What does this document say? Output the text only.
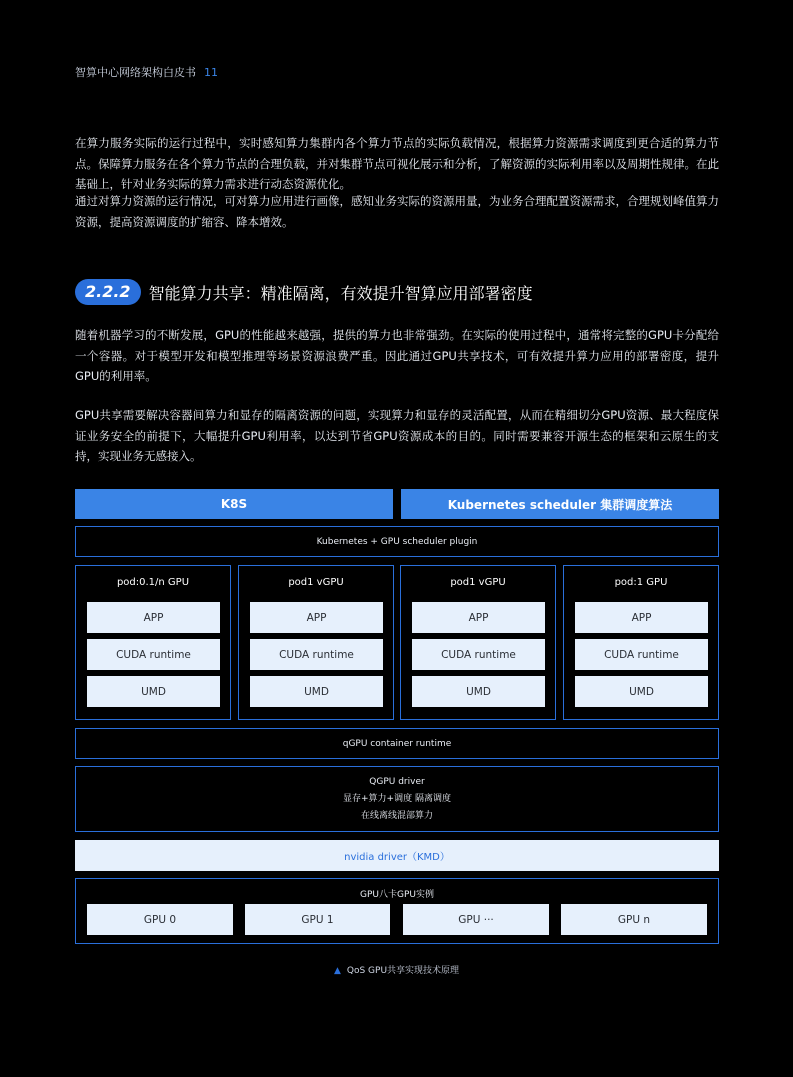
智算中心网络架构白皮书 11
在算力服务实际的运行过程中，实时感知算力集群内各个算力节点的实际负载情况，根据算力资源需求调度到更合适的算力节点。保障算力服务在各个算力节点的合理负载，并对集群节点可视化展示和分析，了解资源的实际利用率以及周期性规律。在此基础上，针对业务实际的算力需求进行动态资源优化。
通过对算力资源的运行情况，可对算力应用进行画像，感知业务实际的资源用量，为业务合理配置资源需求，合理规划峰值算力资源，提高资源调度的扩缩容、降本增效。
2.2.2	智能算力共享：精准隔离，有效提升智算应用部署密度
随着机器学习的不断发展，GPU的性能越来越强，提供的算力也非常强劲。在实际的使用过程中，通常将完整的GPU卡分配给一个容器。对于模型开发和模型推理等场景资源浪费严重。因此通过GPU共享技术，可有效提升算力应用的部署密度，提升GPU的利用率。
GPU共享需要解决容器间算力和显存的隔离资源的问题，实现算力和显存的灵活配置，从而在精细切分GPU资源、最大程度保证业务安全的前提下，大幅提升GPU利用率，以达到节省GPU资源成本的目的。同时需要兼容开源生态的框架和云原生的支持，实现业务无感接入。
K8S	Kubernetes scheduler 集群调度算法
Kubernetes + GPU scheduler plugin
pod:0.1/n GPU
APP
CUDA runtime
UMD
pod1 vGPU
APP
CUDA runtime
UMD
pod1 vGPU
APP
CUDA runtime
UMD
pod:1 GPU
APP
CUDA runtime
UMD
qGPU container runtime
QGPU driver
显存+算力+调度 隔离调度
在线离线混部算力
nvidia driver（KMD）
GPU八卡GPU实例
GPU 0	GPU 1	GPU ···	GPU n
▲ QoS GPU共享实现技术原理
